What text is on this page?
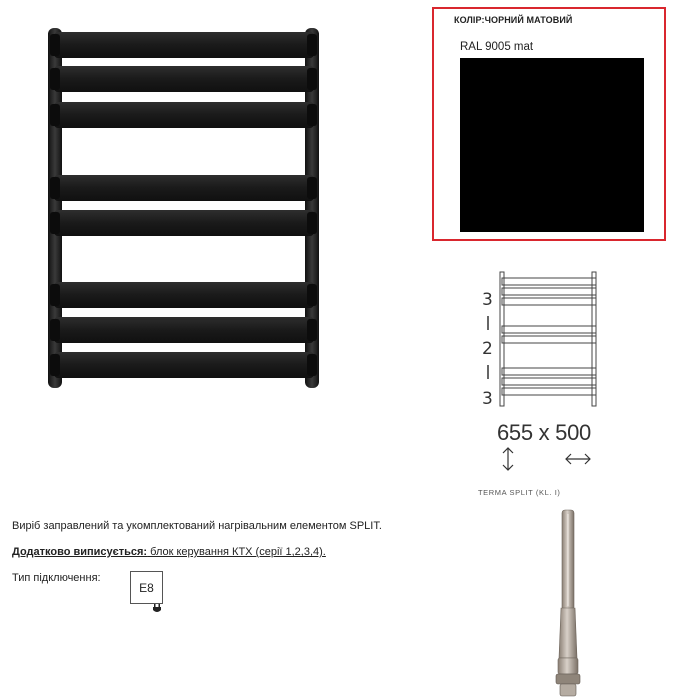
КОЛІР:ЧОРНИЙ МАТОВИЙ
RAL 9005 mat
3
2
3
655 x 500
TERMA SPLIT (KL. I)
Виріб заправлений та укомплектований нагрівальним елементом SPLIT.
Додатково виписується: блок керування КТХ (серії 1,2,3,4).
Тип підключення:
E8
